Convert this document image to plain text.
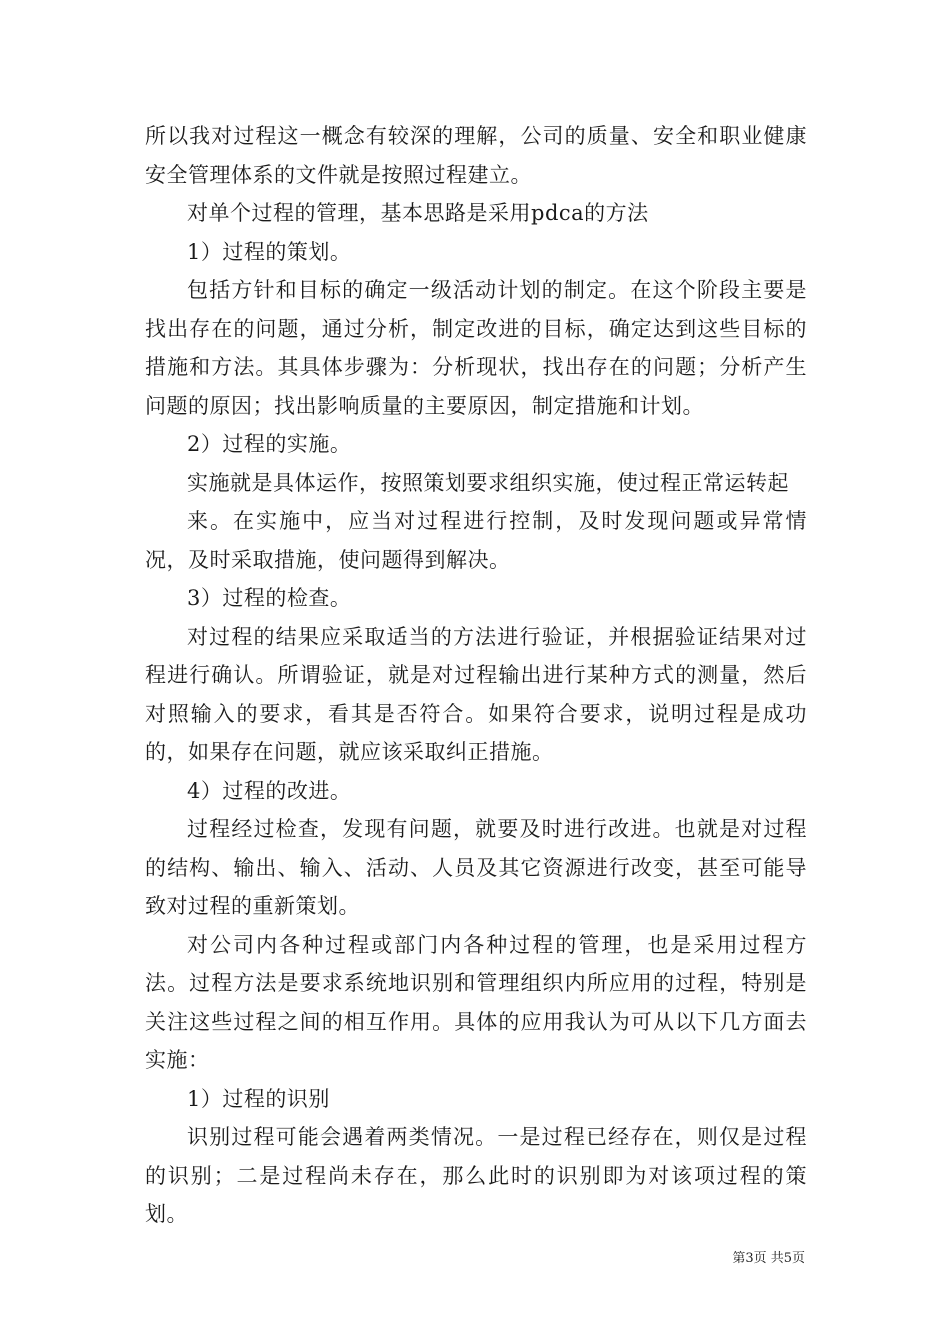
所以我对过程这一概念有较深的理解，公司的质量、安全和职业健康安全管理体系的文件就是按照过程建立。

对单个过程的管理，基本思路是采用pdca的方法

1）过程的策划。

包括方针和目标的确定一级活动计划的制定。在这个阶段主要是找出存在的问题，通过分析，制定改进的目标，确定达到这些目标的措施和方法。其具体步骤为：分析现状，找出存在的问题；分析产生问题的原因；找出影响质量的主要原因，制定措施和计划。

2）过程的实施。

实施就是具体运作，按照策划要求组织实施，使过程正常运转起

来。在实施中，应当对过程进行控制，及时发现问题或异常情况，及时采取措施，使问题得到解决。

3）过程的检查。

对过程的结果应采取适当的方法进行验证，并根据验证结果对过程进行确认。所谓验证，就是对过程输出进行某种方式的测量，然后对照输入的要求，看其是否符合。如果符合要求，说明过程是成功的，如果存在问题，就应该采取纠正措施。

4）过程的改进。

过程经过检查，发现有问题，就要及时进行改进。也就是对过程的结构、输出、输入、活动、人员及其它资源进行改变，甚至可能导致对过程的重新策划。

对公司内各种过程或部门内各种过程的管理，也是采用过程方法。过程方法是要求系统地识别和管理组织内所应用的过程，特别是关注这些过程之间的相互作用。具体的应用我认为可从以下几方面去实施：

1）过程的识别

识别过程可能会遇着两类情况。一是过程已经存在，则仅是过程的识别；二是过程尚未存在，那么此时的识别即为对该项过程的策划。

第3页 共5页
